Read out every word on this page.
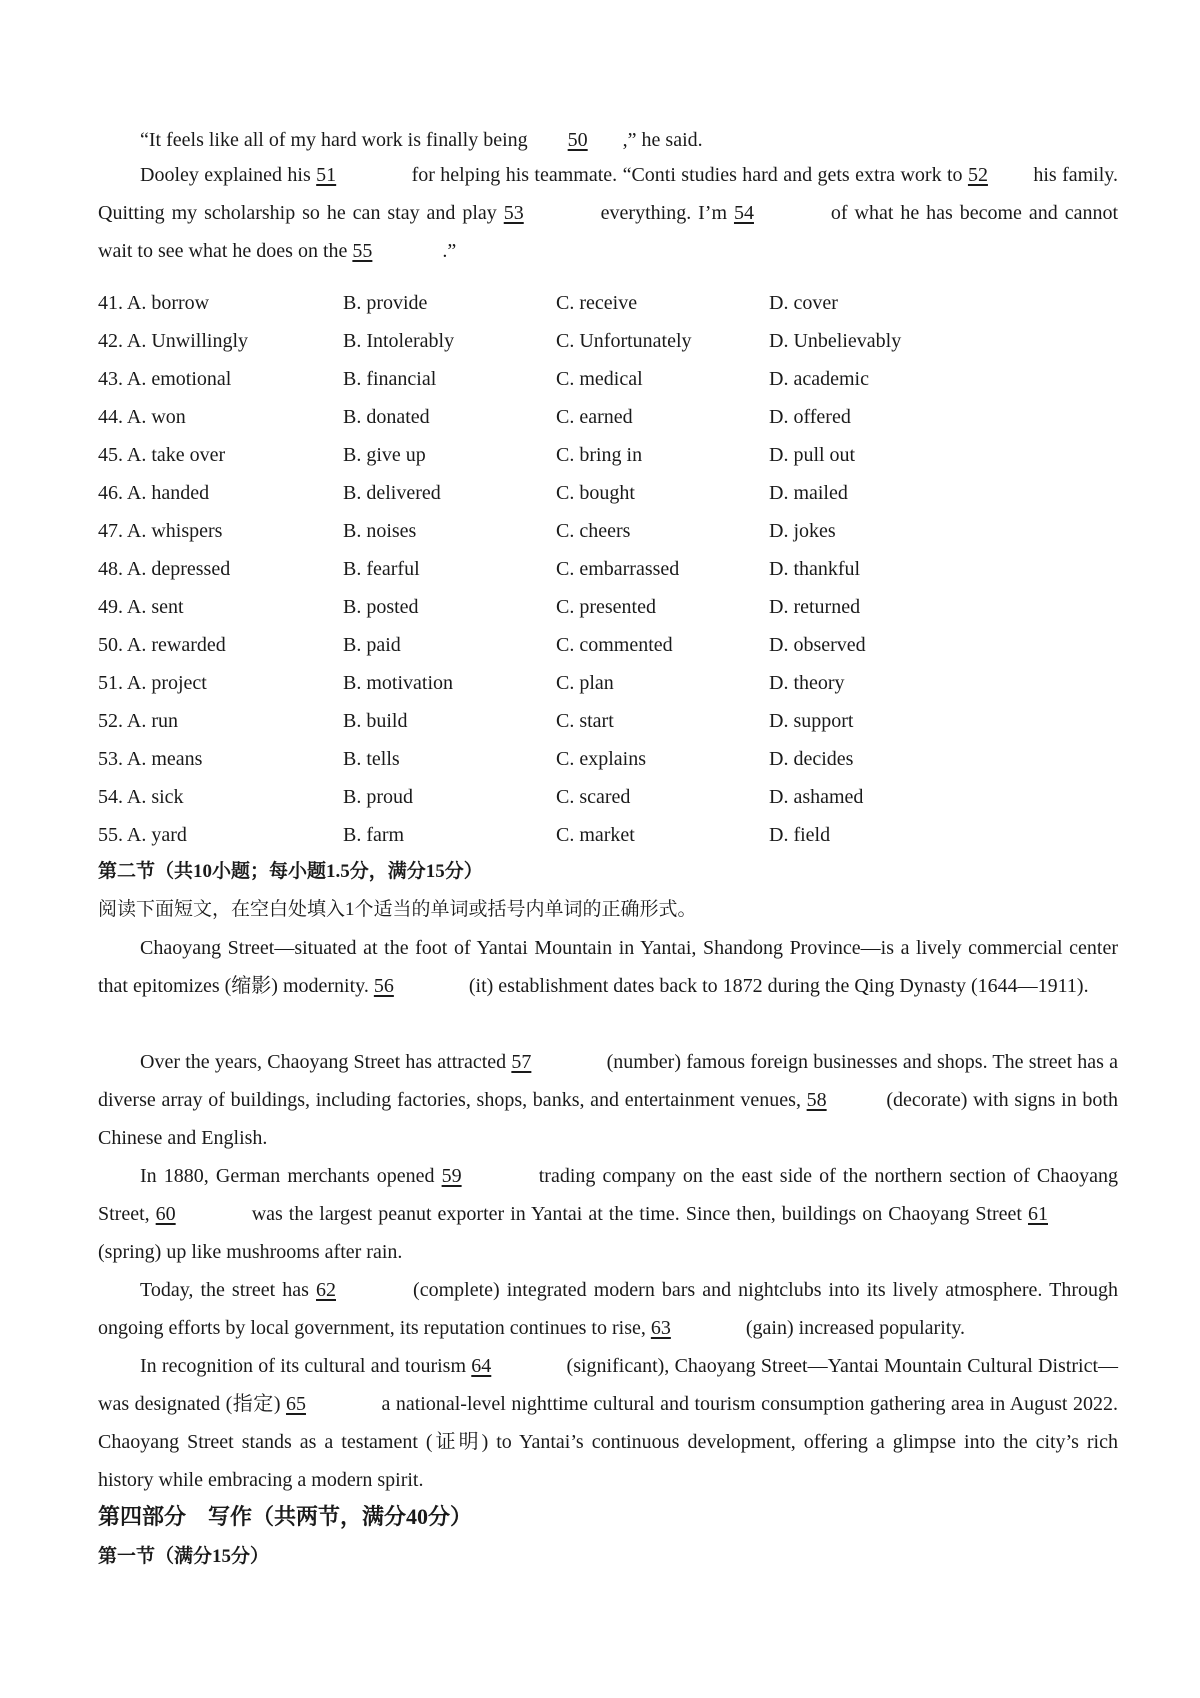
“It feels like all of my hard work is finally being 50 ,” he said.

Dooley explained his 51	for helping his teammate. “Conti studies hard and gets extra work to 52 his family. Quitting my scholarship so he can stay and play 53	everything. I’m 54	of what he has become and cannot wait to see what he does on the 55	.”

41. A. borrow	B. provide	C. receive	D. cover
42. A. Unwillingly	B. Intolerably	C. Unfortunately	D. Unbelievably
43. A. emotional	B. financial	C. medical	D. academic
44. A. won	B. donated	C. earned	D. offered
45. A. take over	B. give up	C. bring in	D. pull out
46. A. handed	B. delivered	C. bought	D. mailed
47. A. whispers	B. noises	C. cheers	D. jokes
48. A. depressed	B. fearful	C. embarrassed	D. thankful
49. A. sent	B. posted	C. presented	D. returned
50. A. rewarded	B. paid	C. commented	D. observed
51. A. project	B. motivation	C. plan	D. theory
52. A. run	B. build	C. start	D. support
53. A. means	B. tells	C. explains	D. decides
54. A. sick	B. proud	C. scared	D. ashamed
55. A. yard	B. farm	C. market	D. field

第二节（共10小题；每小题1.5分，满分15分）

阅读下面短文，在空白处填入1个适当的单词或括号内单词的正确形式。

Chaoyang Street—situated at the foot of Yantai Mountain in Yantai, Shandong Province—is a lively commercial center that epitomizes (缩影) modernity. 56	(it) establishment dates back to 1872 during the Qing Dynasty (1644—1911).

Over the years, Chaoyang Street has attracted 57	(number) famous foreign businesses and shops. The street has a diverse array of buildings, including factories, shops, banks, and entertainment venues, 58	(decorate) with signs in both Chinese and English.

In 1880, German merchants opened 59	trading company on the east side of the northern section of Chaoyang Street, 60	was the largest peanut exporter in Yantai at the time. Since then, buildings on Chaoyang Street 61 (spring) up like mushrooms after rain.

Today, the street has 62	(complete) integrated modern bars and nightclubs into its lively atmosphere. Through ongoing efforts by local government, its reputation continues to rise, 63	(gain) increased popularity.

In recognition of its cultural and tourism 64	(significant), Chaoyang Street—Yantai Mountain Cultural District—was designated (指定) 65	a national-level nighttime cultural and tourism consumption gathering area in August 2022. Chaoyang Street stands as a testament (证明) to Yantai’s continuous development, offering a glimpse into the city’s rich history while embracing a modern spirit.

第四部分　写作（共两节，满分40分）

第一节（满分15分）
